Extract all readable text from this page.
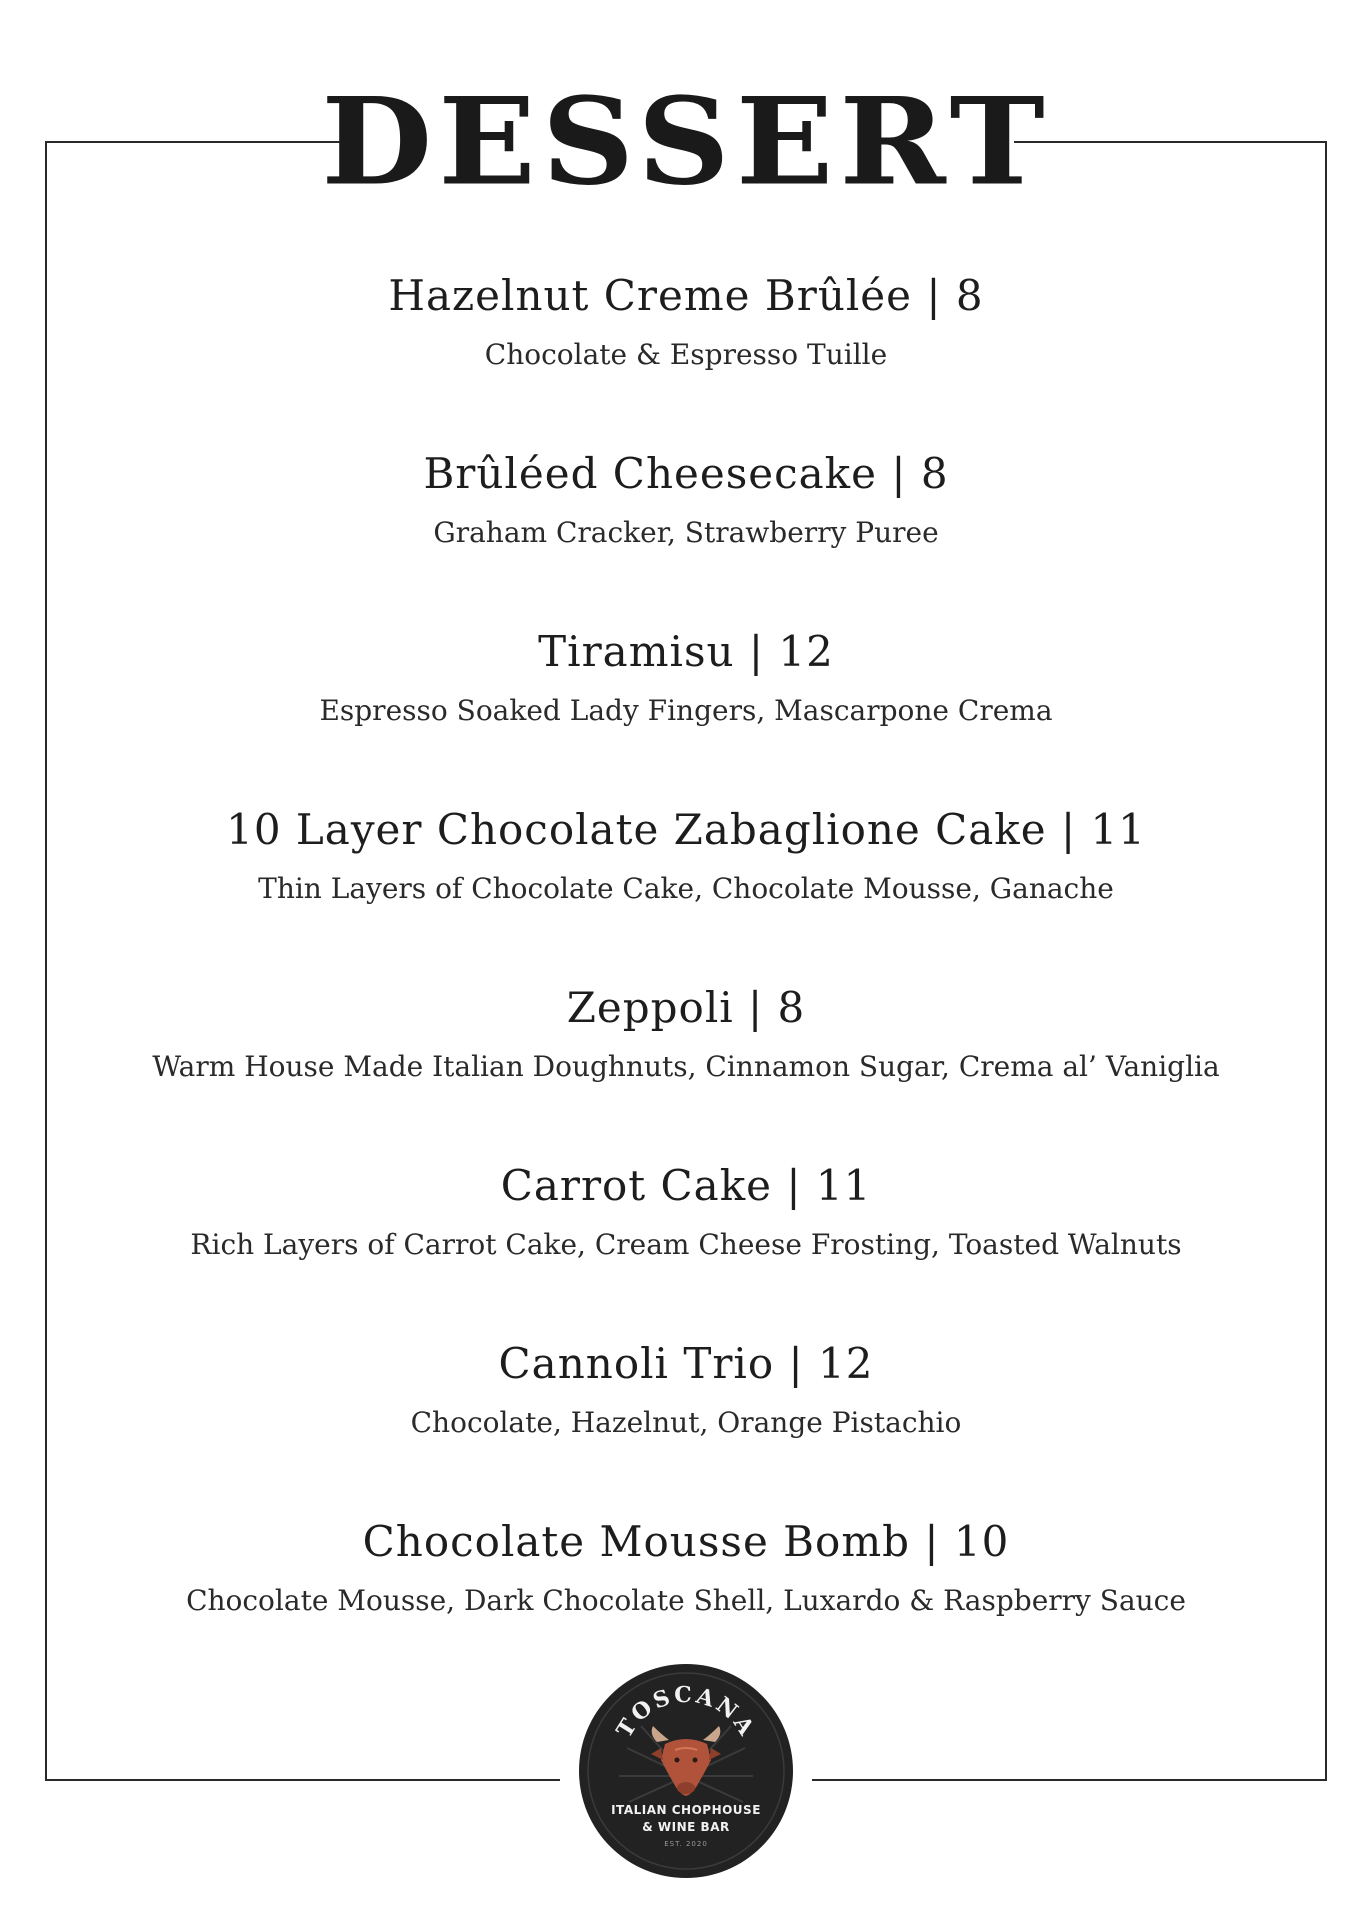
DESSERT
Hazelnut Creme Brûlée | 8
Chocolate & Espresso Tuille
Brûléed Cheesecake | 8
Graham Cracker, Strawberry Puree
Tiramisu | 12
Espresso Soaked Lady Fingers, Mascarpone Crema
10 Layer Chocolate Zabaglione Cake | 11
Thin Layers of Chocolate Cake, Chocolate Mousse, Ganache
Zeppoli | 8
Warm House Made Italian Doughnuts, Cinnamon Sugar, Crema al’ Vaniglia
Carrot Cake | 11
Rich Layers of Carrot Cake, Cream Cheese Frosting, Toasted Walnuts
Cannoli Trio | 12
Chocolate, Hazelnut, Orange Pistachio
Chocolate Mousse Bomb | 10
Chocolate Mousse, Dark Chocolate Shell, Luxardo & Raspberry Sauce
TOSCANA
ITALIAN CHOPHOUSE
& WINE BAR
EST. 2020
